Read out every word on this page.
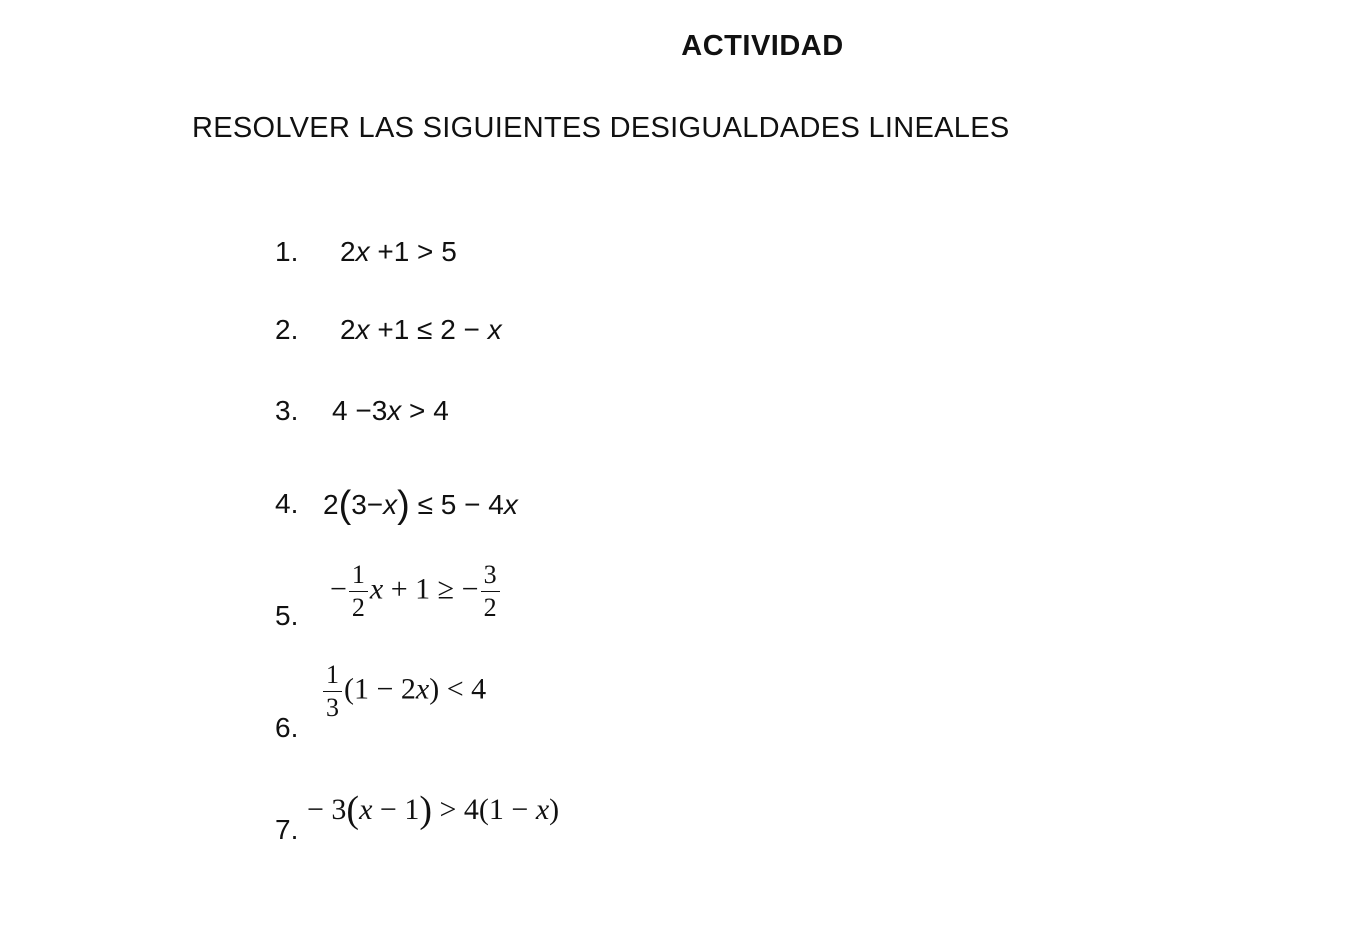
ACTIVIDAD
RESOLVER LAS SIGUIENTES DESIGUALDADES LINEALES
1. 2x +1 > 5
2. 2x +1 ≤ 2 − x
3. 4 −3x > 4
4. 2(3−x) ≤ 5 − 4x
5.
− $\frac{1}{2}$ x + 1 ≥ − $\frac{3}{2}$
6.
$\frac{1}{3} (1 - 2x) < 4$
7.
− 3(x − 1) > 4(1 − x)
